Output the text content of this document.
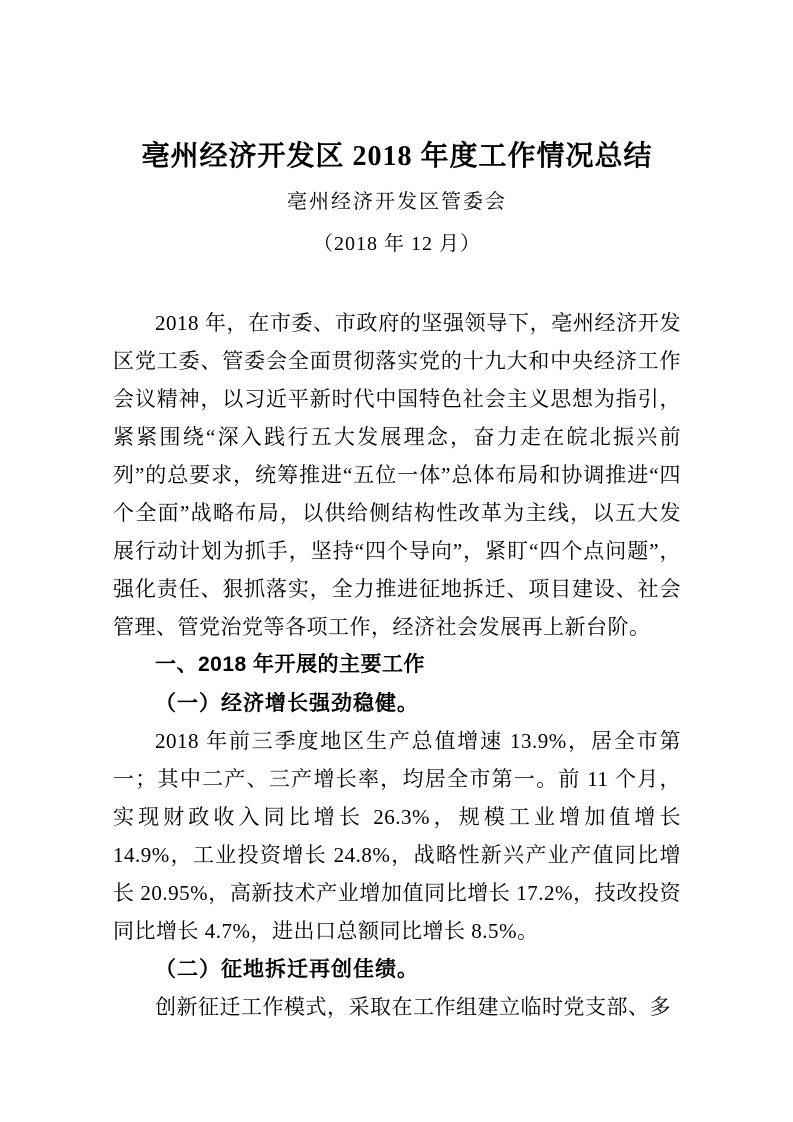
亳州经济开发区 2018 年度工作情况总结
亳州经济开发区管委会
（2018 年 12 月）

2018 年，在市委、市政府的坚强领导下，亳州经济开发区党工委、管委会全面贯彻落实党的十九大和中央经济工作会议精神，以习近平新时代中国特色社会主义思想为指引，紧紧围绕“深入践行五大发展理念，奋力走在皖北振兴前列”的总要求，统筹推进“五位一体”总体布局和协调推进“四个全面”战略布局，以供给侧结构性改革为主线，以五大发展行动计划为抓手，坚持“四个导向”，紧盯“四个点问题”，强化责任、狠抓落实，全力推进征地拆迁、项目建设、社会管理、管党治党等各项工作，经济社会发展再上新台阶。

一、2018 年开展的主要工作
（一）经济增长强劲稳健。

2018 年前三季度地区生产总值增速 13.9%，居全市第一；其中二产、三产增长率，均居全市第一。前 11 个月，实现财政收入同比增长 26.3%，规模工业增加值增长 14.9%，工业投资增长 24.8%，战略性新兴产业产值同比增长 20.95%，高新技术产业增加值同比增长 17.2%，技改投资同比增长 4.7%，进出口总额同比增长 8.5%。

（二）征地拆迁再创佳绩。

创新征迁工作模式，采取在工作组建立临时党支部、多
